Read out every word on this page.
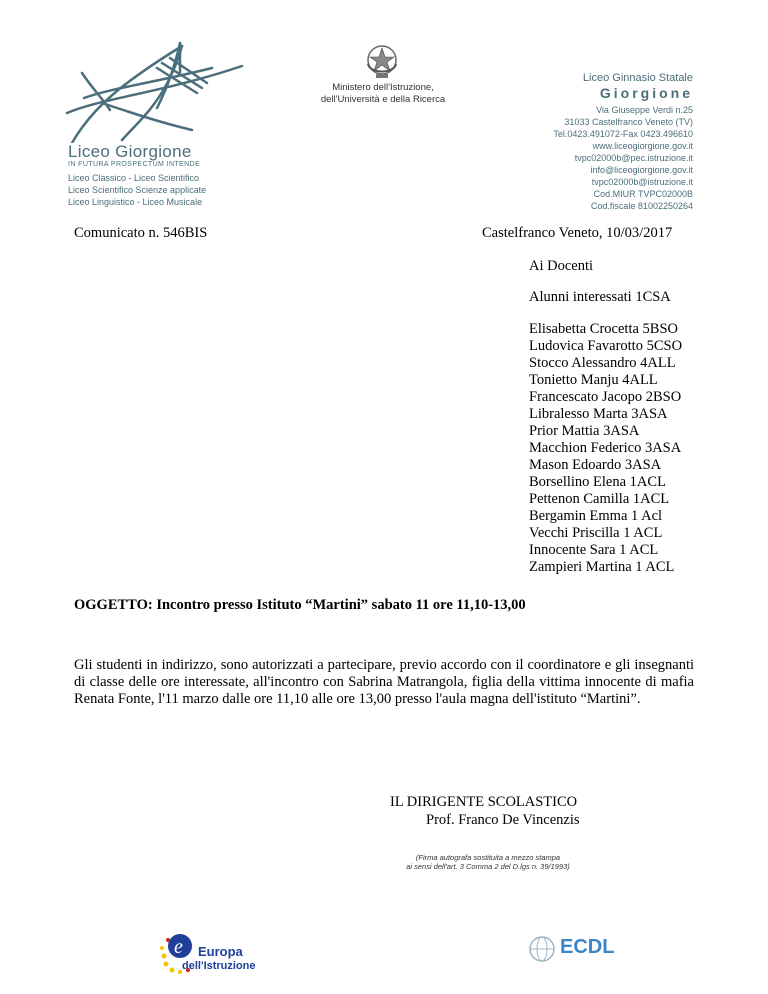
Liceo Giorgione
IN FUTURA PROSPECTUM INTENDE
Liceo Classico - Liceo Scientifico
Liceo Scientifico Scienze applicate
Liceo Linguistico - Liceo Musicale
Ministero dell'Istruzione,
dell'Università e della Ricerca
Liceo Ginnasio Statale
Giorgione
Via Giuseppe Verdi n.25
31033 Castelfranco Veneto (TV)
Tel.0423.491072-Fax 0423.496610
www.liceogiorgione.gov.it
tvpc02000b@pec.istruzione.it
info@liceogiorgione.gov.it
tvpc02000b@istruzione.it
Cod.MIUR TVPC02000B
Cod.fiscale 81002250264
Comunicato n. 546BIS	Castelfranco Veneto, 10/03/2017
Ai Docenti
Alunni interessati 1CSA
Elisabetta Crocetta 5BSO
Ludovica Favarotto 5CSO
Stocco Alessandro 4ALL
Tonietto Manju 4ALL
Francescato Jacopo 2BSO
Libralesso Marta 3ASA
Prior Mattia 3ASA
Macchion Federico 3ASA
Mason Edoardo 3ASA
Borsellino Elena 1ACL
Pettenon Camilla 1ACL
Bergamin Emma 1 Acl
Vecchi Priscilla 1 ACL
Innocente Sara 1 ACL
Zampieri Martina 1 ACL
OGGETTO: Incontro presso Istituto “Martini” sabato 11 ore 11,10-13,00
Gli studenti in indirizzo, sono autorizzati a partecipare, previo accordo con il coordinatore e gli insegnanti di classe delle ore interessate, all'incontro con Sabrina Matrangola, figlia della vittima innocente di mafia Renata Fonte, l'11 marzo dalle ore 11,10 alle ore 13,00 presso l'aula magna dell'istituto “Martini”.
IL DIRIGENTE SCOLASTICO
Prof. Franco De Vincenzis
(Firma autografa sostituita a mezzo stampa
ai sensi dell'art. 3 Comma 2 del D.lgs n. 39/1993)
e Europa
dell'Istruzione
ECDL
